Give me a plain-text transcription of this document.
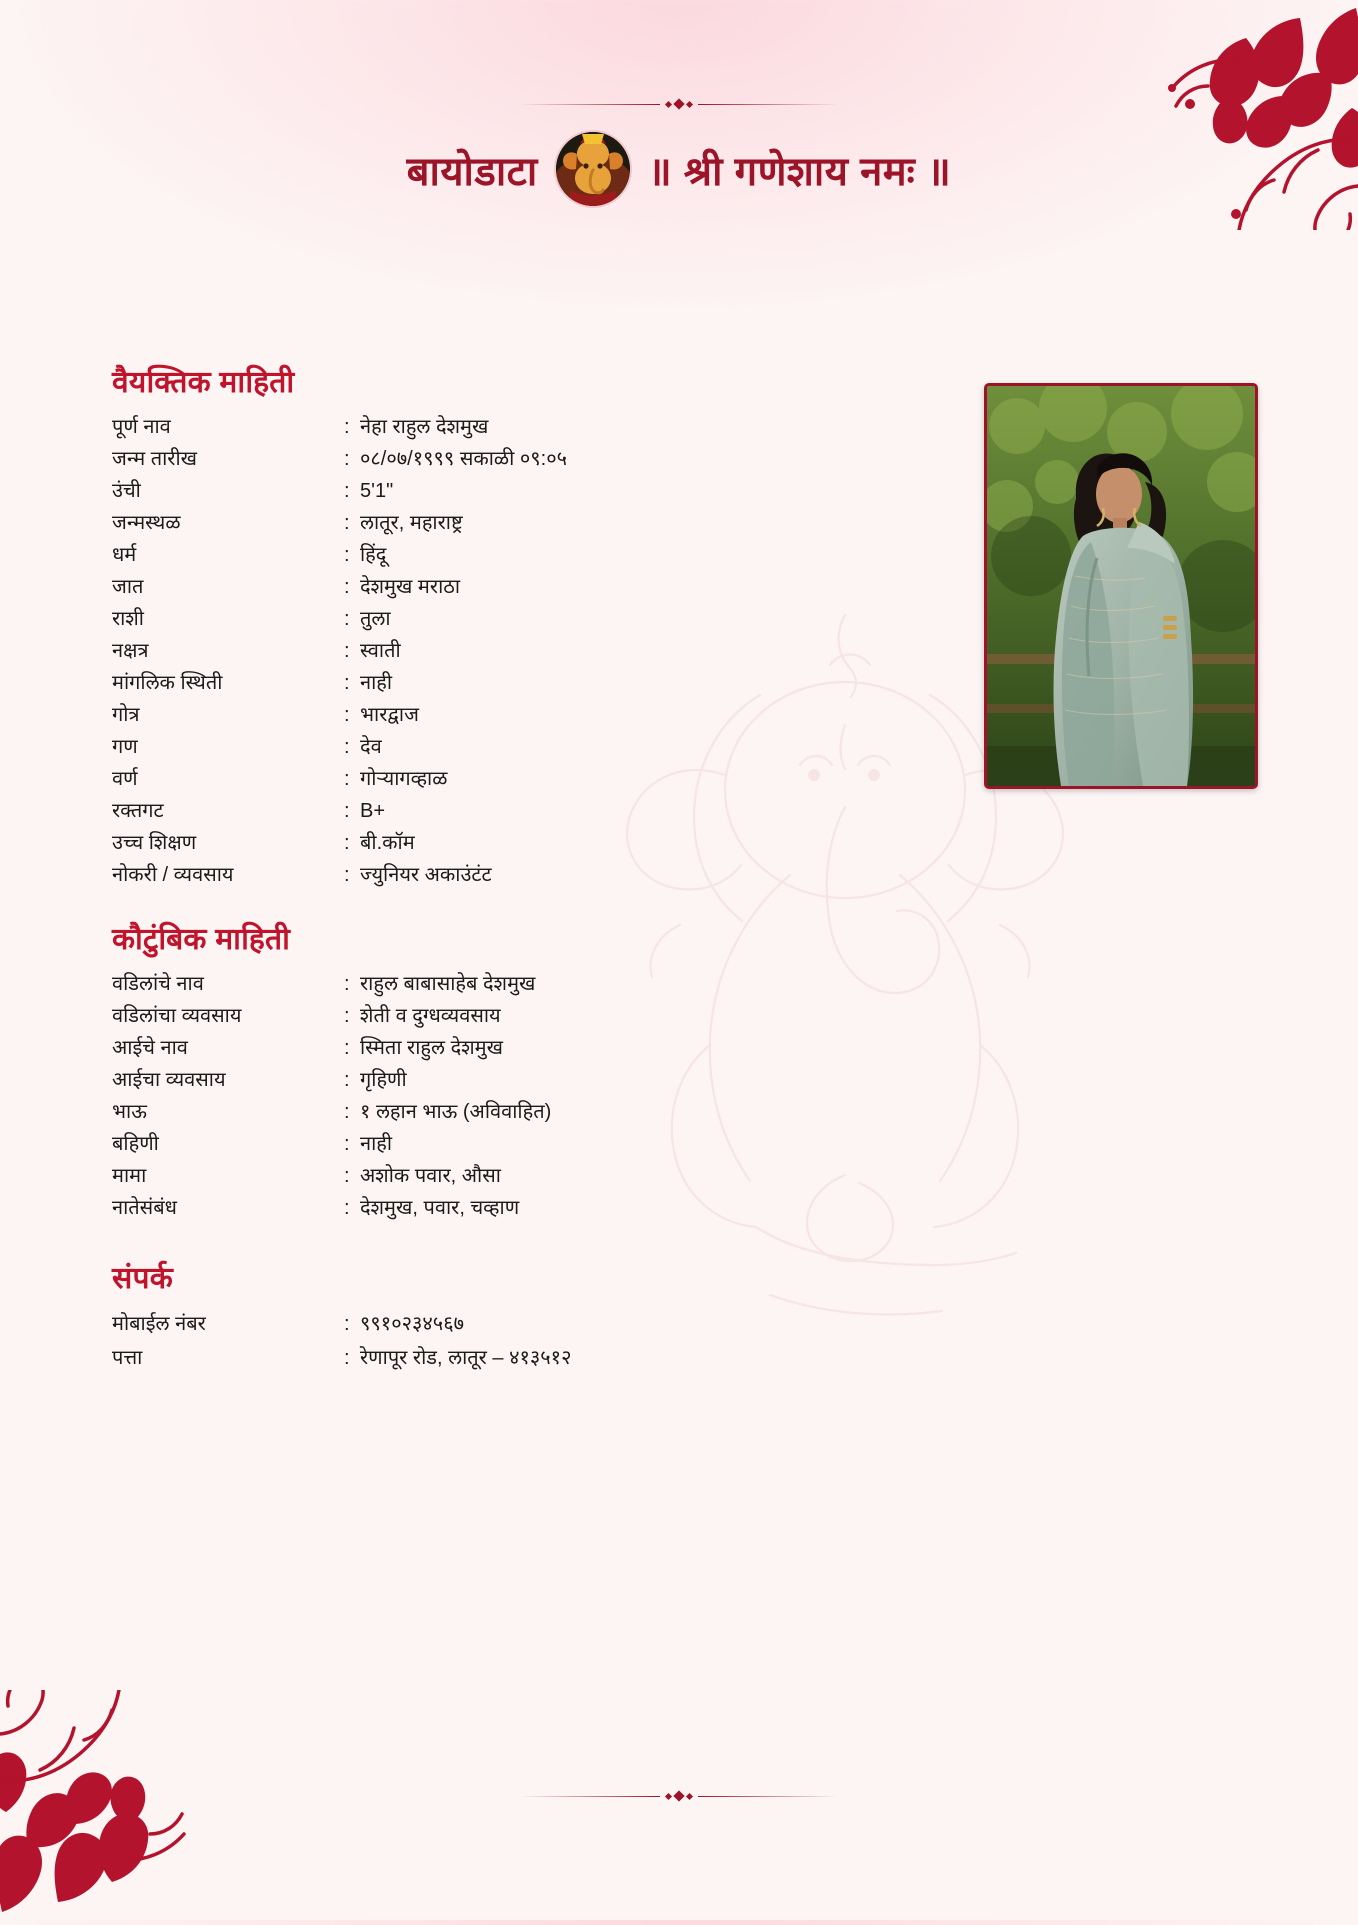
बायोडाटा	॥ श्री गणेशाय नमः ॥
वैयक्तिक माहिती
पूर्ण नाव	: नेहा राहुल देशमुख
जन्म तारीख	: ०८/०७/१९९९ सकाळी ०९:०५
उंची	: 5'1"
जन्मस्थळ	: लातूर, महाराष्ट्र
धर्म	: हिंदू
जात	: देशमुख मराठा
राशी	: तुला
नक्षत्र	: स्वाती
मांगलिक स्थिती	: नाही
गोत्र	: भारद्वाज
गण	: देव
वर्ण	: गोऱ्यागव्हाळ
रक्तगट	: B+
उच्च शिक्षण	: बी.कॉम
नोकरी / व्यवसाय	: ज्युनियर अकाउंटंट
कौटुंबिक माहिती
वडिलांचे नाव	: राहुल बाबासाहेब देशमुख
वडिलांचा व्यवसाय	: शेती व दुग्धव्यवसाय
आईचे नाव	: स्मिता राहुल देशमुख
आईचा व्यवसाय	: गृहिणी
भाऊ	: १ लहान भाऊ (अविवाहित)
बहिणी	: नाही
मामा	: अशोक पवार, औसा
नातेसंबंध	: देशमुख, पवार, चव्हाण
संपर्क
मोबाईल नंबर	: ९९१०२३४५६७
पत्ता	: रेणापूर रोड, लातूर – ४१३५१२
